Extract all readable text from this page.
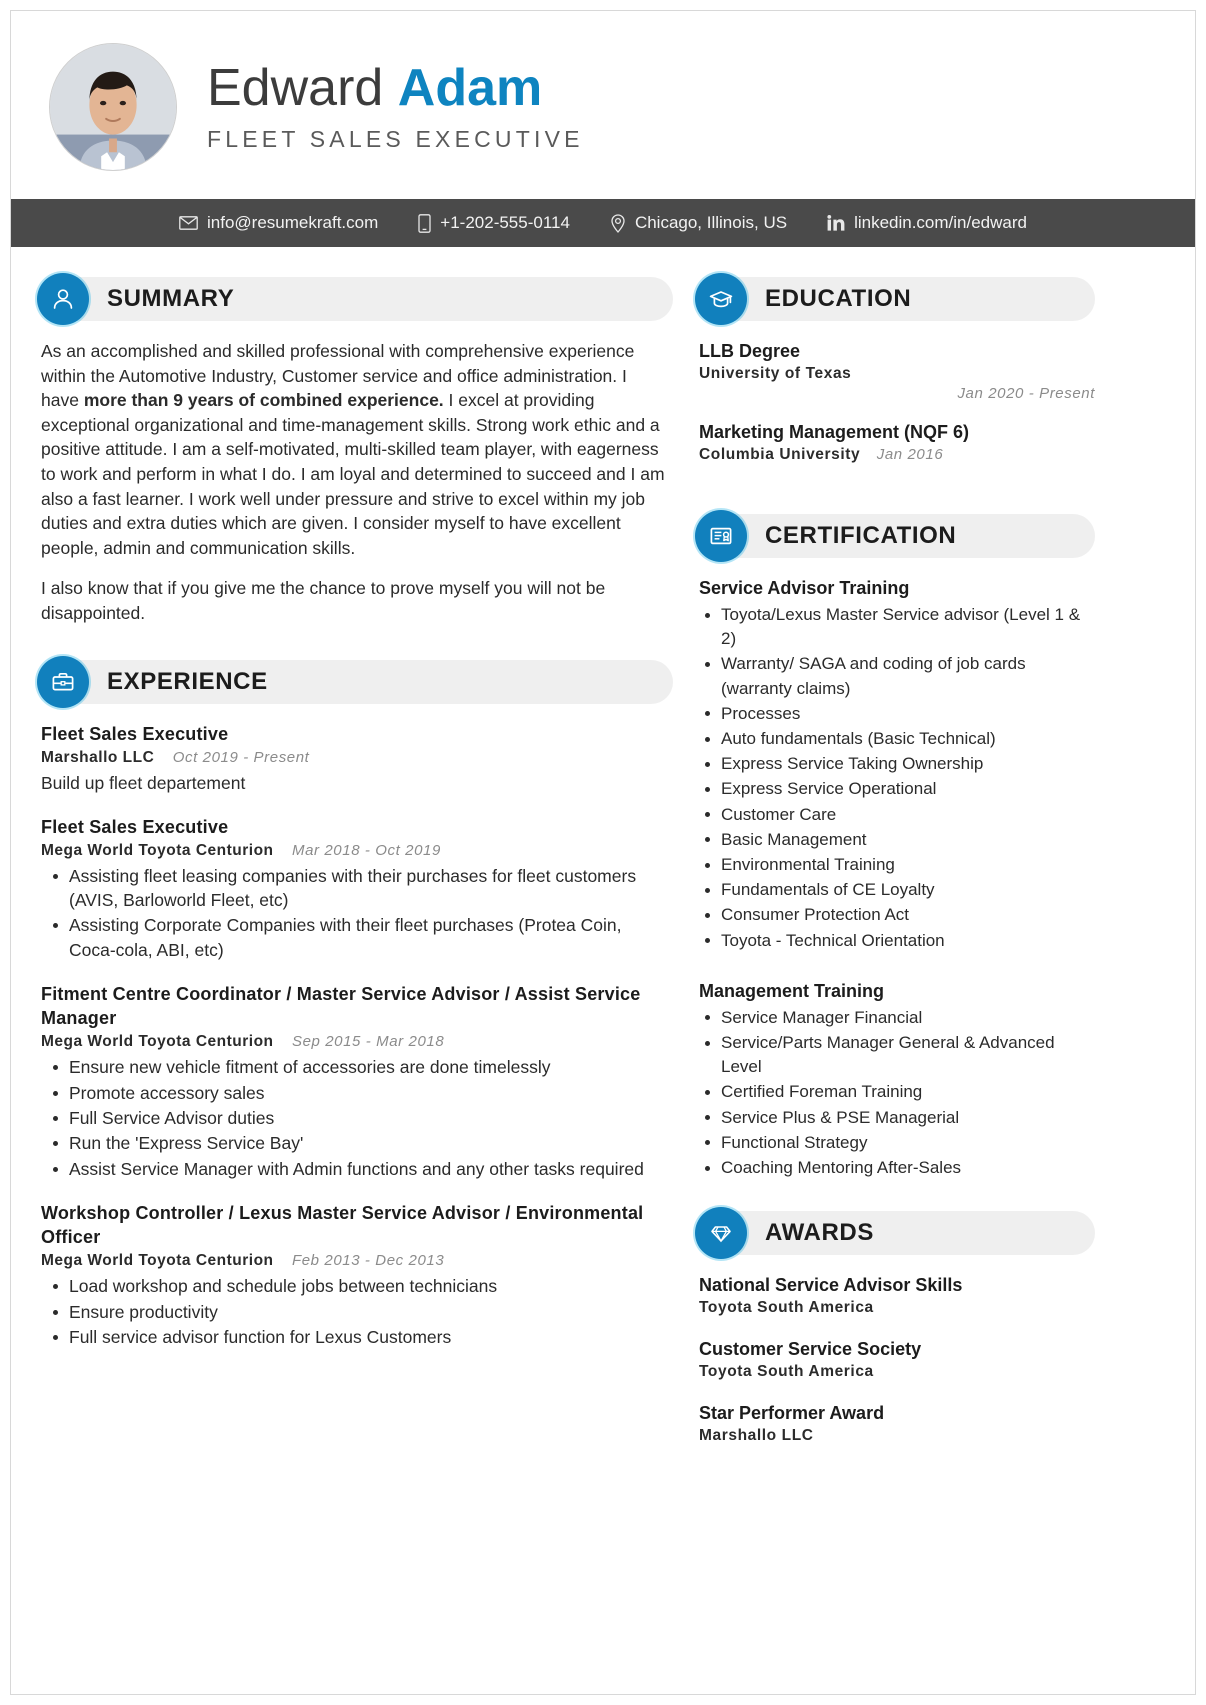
Edward Adam
FLEET SALES EXECUTIVE
info@resumekraft.com	+1-202-555-0114	Chicago, Illinois, US	linkedin.com/in/edward
SUMMARY

As an accomplished and skilled professional with comprehensive experience within the Automotive Industry, Customer service and office administration. I have more than 9 years of combined experience. I excel at providing exceptional organizational and time-management skills. Strong work ethic and a positive attitude. I am a self-motivated, multi-skilled team player, with eagerness to work and perform in what I do. I am loyal and determined to succeed and I am also a fast learner. I work well under pressure and strive to excel within my job duties and extra duties which are given. I consider myself to have excellent people, admin and communication skills.

I also know that if you give me the chance to prove myself you will not be disappointed.

EXPERIENCE
Fleet Sales Executive
Marshallo LLC Oct 2019 - Present
Build up fleet departement
Fleet Sales Executive
Mega World Toyota Centurion Mar 2018 - Oct 2019
Assisting fleet leasing companies with their purchases for fleet customers (AVIS, Barloworld Fleet, etc)
Assisting Corporate Companies with their fleet purchases (Protea Coin, Coca-cola, ABI, etc)
Fitment Centre Coordinator / Master Service Advisor / Assist Service Manager
Mega World Toyota Centurion Sep 2015 - Mar 2018
Ensure new vehicle fitment of accessories are done timelessly
Promote accessory sales
Full Service Advisor duties
Run the 'Express Service Bay'
Assist Service Manager with Admin functions and any other tasks required
Workshop Controller / Lexus Master Service Advisor / Environmental Officer
Mega World Toyota Centurion Feb 2013 - Dec 2013
Load workshop and schedule jobs between technicians
Ensure productivity
Full service advisor function for Lexus Customers
EDUCATION
LLB Degree
University of Texas
Jan 2020 - Present
Marketing Management (NQF 6)
Columbia University Jan 2016
CERTIFICATION
Service Advisor Training
Toyota/Lexus Master Service advisor (Level 1 & 2)
Warranty/ SAGA and coding of job cards (warranty claims)
Processes
Auto fundamentals (Basic Technical)
Express Service Taking Ownership
Express Service Operational
Customer Care
Basic Management
Environmental Training
Fundamentals of CE Loyalty
Consumer Protection Act
Toyota - Technical Orientation
Management Training
Service Manager Financial
Service/Parts Manager General & Advanced Level
Certified Foreman Training
Service Plus & PSE Managerial
Functional Strategy
Coaching Mentoring After-Sales
AWARDS
National Service Advisor Skills
Toyota South America
Customer Service Society
Toyota South America
Star Performer Award
Marshallo LLC
